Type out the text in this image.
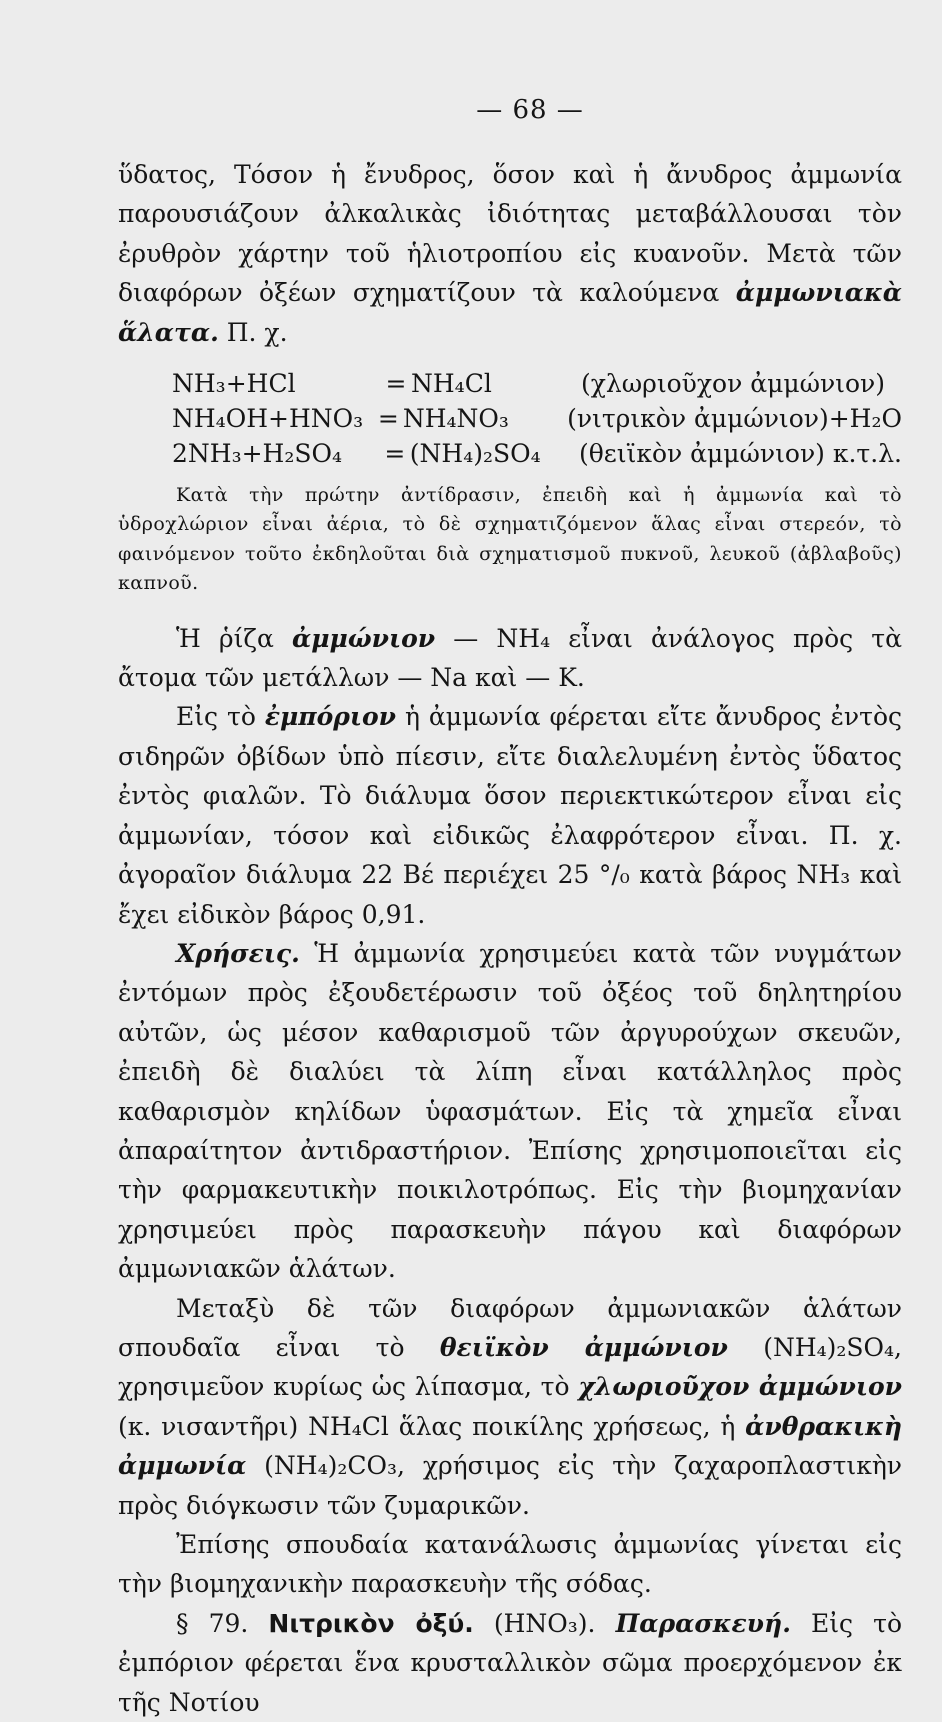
— 68 —

ὕδατος, Τόσον ἡ ἔνυδρος, ὅσον καὶ ἡ ἄνυδρος ἀμμωνία παρουσιάζουν ἀλκαλικὰς ἰδιότητας μεταβάλλουσαι τὸν ἐρυθρὸν χάρτην τοῦ ἡλιοτροπίου εἰς κυανοῦν. Μετὰ τῶν διαφόρων ὀξέων σχηματίζουν τὰ καλούμενα ἀμμωνιακὰ ἅλατα. Π. χ.

NH₃+HCl	= NH₄Cl	(χλωριοῦχον ἀμμώνιον)
NH₄OH+HNO₃ = NH₄NO₃	(νιτρικὸν ἀμμώνιον)+H₂O
2NH₃+H₂SO₄	= (NH₄)₂SO₄	(θειϊκὸν ἀμμώνιον) κ.τ.λ.

Κατὰ τὴν πρώτην ἀντίδρασιν, ἐπειδὴ καὶ ἡ ἀμμωνία καὶ τὸ ὑδροχλώριον εἶναι ἀέρια, τὸ δὲ σχηματιζόμενον ἅλας εἶναι στερεόν, τὸ φαινόμενον τοῦτο ἐκδηλοῦται διὰ σχηματισμοῦ πυκνοῦ, λευκοῦ (ἀβλαβοῦς) καπνοῦ.

Ἡ ῥίζα ἀμμώνιον — NH₄ εἶναι ἀνάλογος πρὸς τὰ ἄτομα τῶν μετάλλων — Na καὶ — K.

Εἰς τὸ ἐμπόριον ἡ ἀμμωνία φέρεται εἴτε ἄνυδρος ἐντὸς σιδηρῶν ὀβίδων ὑπὸ πίεσιν, εἴτε διαλελυμένη ἐντὸς ὕδατος ἐντὸς φιαλῶν. Τὸ διάλυμα ὅσον περιεκτικώτερον εἶναι εἰς ἀμμωνίαν, τόσον καὶ εἰδικῶς ἐλαφρότερον εἶναι. Π. χ. ἀγοραῖον διάλυμα 22 Βέ περιέχει 25 °/₀ κατὰ βάρος NH₃ καὶ ἔχει εἰδικὸν βάρος 0,91.

Χρήσεις. Ἡ ἀμμωνία χρησιμεύει κατὰ τῶν νυγμάτων ἐντόμων πρὸς ἐξουδετέρωσιν τοῦ ὀξέος τοῦ δηλητηρίου αὐτῶν, ὡς μέσον καθαρισμοῦ τῶν ἀργυρούχων σκευῶν, ἐπειδὴ δὲ διαλύει τὰ λίπη εἶναι κατάλληλος πρὸς καθαρισμὸν κηλίδων ὑφασμάτων. Εἰς τὰ χημεῖα εἶναι ἀπαραίτητον ἀντιδραστήριον. Ἐπίσης χρησιμοποιεῖται εἰς τὴν φαρμακευτικὴν ποικιλοτρόπως. Εἰς τὴν βιομηχανίαν χρησιμεύει πρὸς παρασκευὴν πάγου καὶ διαφόρων ἀμμωνιακῶν ἁλάτων.

Μεταξὺ δὲ τῶν διαφόρων ἀμμωνιακῶν ἁλάτων σπουδαῖα εἶναι τὸ θειϊκὸν ἀμμώνιον (NH₄)₂SO₄, χρησιμεῦον κυρίως ὡς λίπασμα, τὸ χλωριοῦχον ἀμμώνιον (κ. νισαντῆρι) NH₄Cl ἅλας ποικίλης χρήσεως, ἡ ἀνθρακικὴ ἀμμωνία (NH₄)₂CO₃, χρήσιμος εἰς τὴν ζαχαροπλαστικὴν πρὸς διόγκωσιν τῶν ζυμαρικῶν.

Ἐπίσης σπουδαία κατανάλωσις ἀμμωνίας γίνεται εἰς τὴν βιομηχανικὴν παρασκευὴν τῆς σόδας.

§ 79. Νιτρικὸν ὀξύ. (HNO₃). Παρασκευή. Εἰς τὸ ἐμπόριον φέρεται ἕνα κρυσταλλικὸν σῶμα προερχόμενον ἐκ τῆς Νοτίου
